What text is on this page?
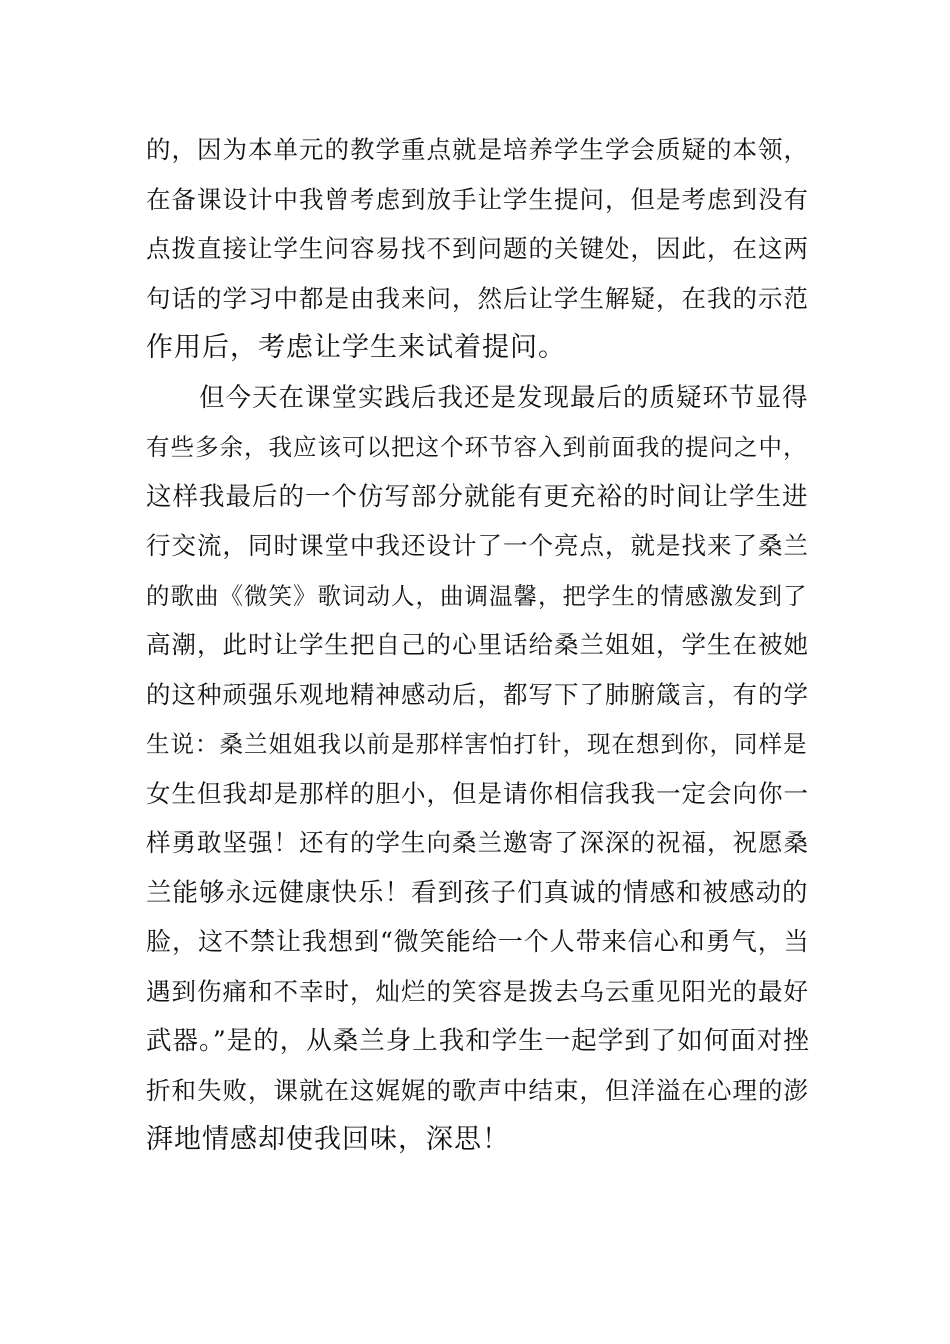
的，因为本单元的教学重点就是培养学生学会质疑的本领，
在备课设计中我曾考虑到放手让学生提问，但是考虑到没有
点拨直接让学生问容易找不到问题的关键处，因此，在这两
句话的学习中都是由我来问，然后让学生解疑，在我的示范
作用后，考虑让学生来试着提问。
但今天在课堂实践后我还是发现最后的质疑环节显得
有些多余，我应该可以把这个环节容入到前面我的提问之中，
这样我最后的一个仿写部分就能有更充裕的时间让学生进
行交流，同时课堂中我还设计了一个亮点，就是找来了桑兰
的歌曲《微笑》歌词动人，曲调温馨，把学生的情感激发到了
高潮，此时让学生把自己的心里话给桑兰姐姐，学生在被她
的这种顽强乐观地精神感动后，都写下了肺腑箴言，有的学
生说：桑兰姐姐我以前是那样害怕打针，现在想到你，同样是
女生但我却是那样的胆小，但是请你相信我我一定会向你一
样勇敢坚强！还有的学生向桑兰邀寄了深深的祝福，祝愿桑
兰能够永远健康快乐！看到孩子们真诚的情感和被感动的
脸，这不禁让我想到“微笑能给一个人带来信心和勇气，当
遇到伤痛和不幸时，灿烂的笑容是拨去乌云重见阳光的最好
武器。”是的，从桑兰身上我和学生一起学到了如何面对挫
折和失败，课就在这娓娓的歌声中结束，但洋溢在心理的澎
湃地情感却使我回味，深思！
